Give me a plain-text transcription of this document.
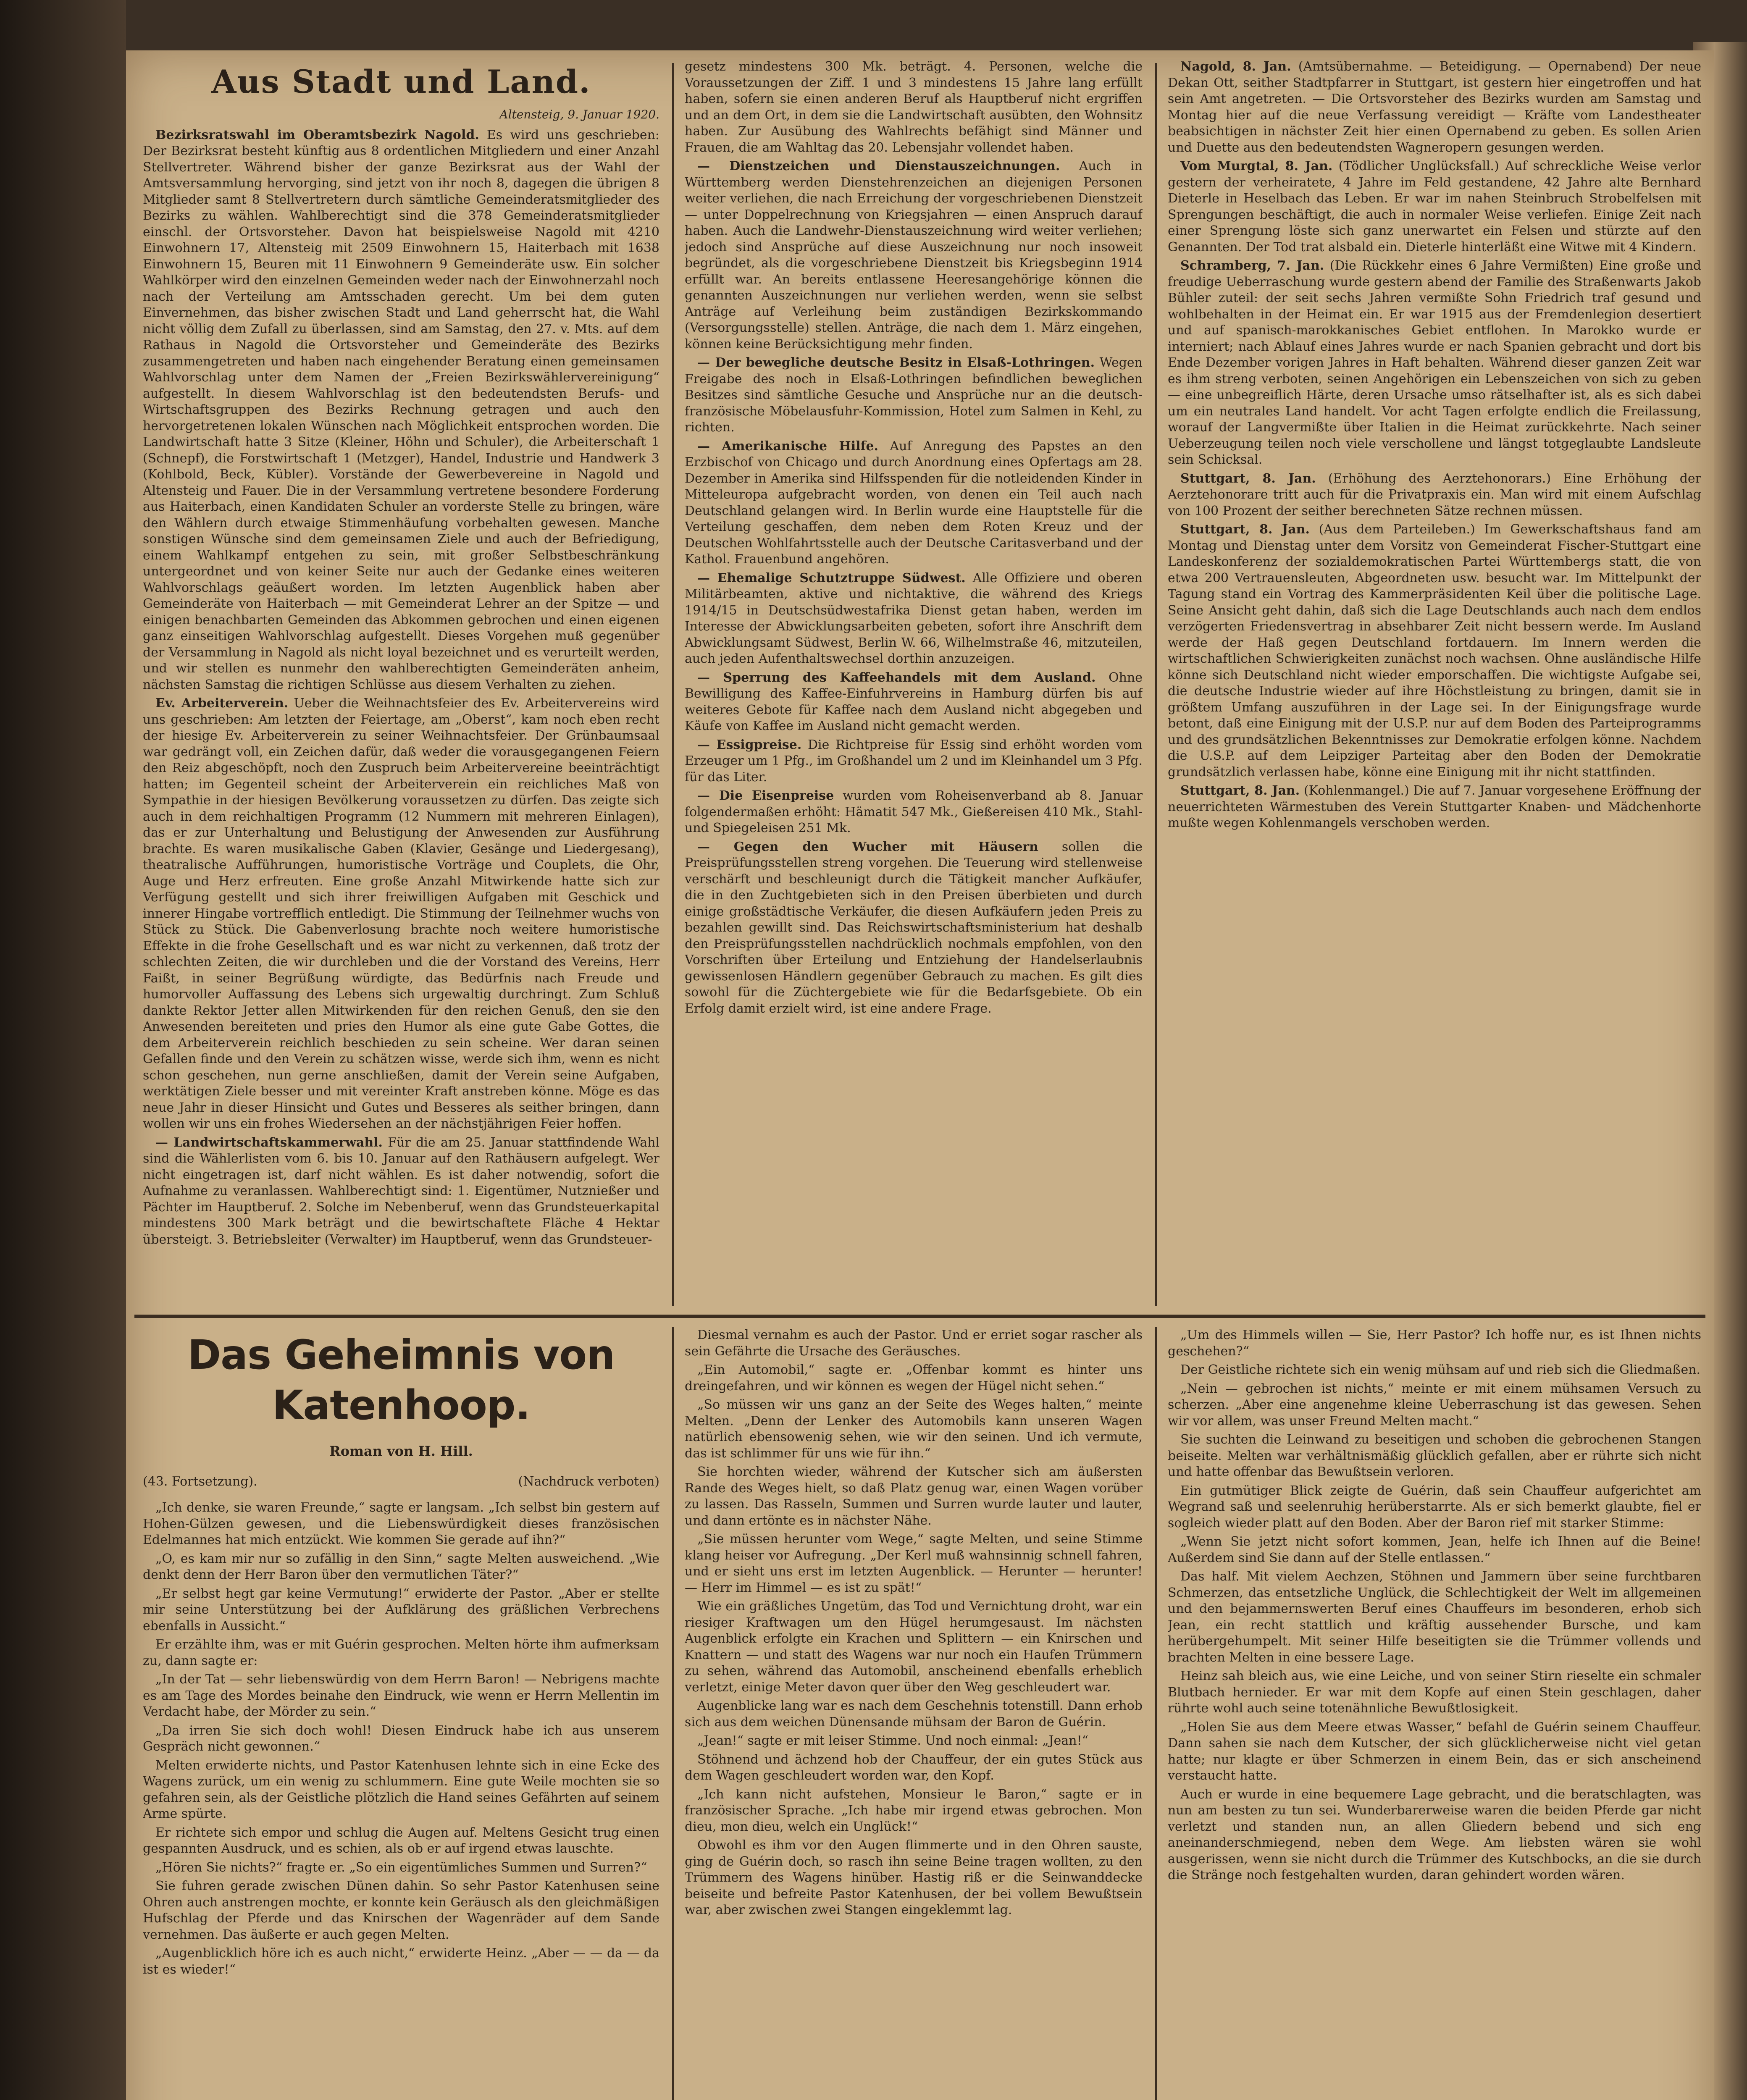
Aus Stadt und Land.
Altensteig, 9. Januar 1920.

Bezirksratswahl im Oberamtsbezirk Nagold. Es wird uns geschrieben: Der Bezirksrat besteht künftig aus 8 ordentlichen Mitgliedern und einer Anzahl Stellvertreter. Während bisher der ganze Bezirksrat aus der Wahl der Amtsversammlung hervorging, sind jetzt von ihr noch 8, dagegen die übrigen 8 Mitglieder samt 8 Stellvertretern durch sämtliche Gemeinderatsmitglieder des Bezirks zu wählen. Wahlberechtigt sind die 378 Gemeinderatsmitglieder einschl. der Ortsvorsteher. Davon hat beispielsweise Nagold mit 4210 Einwohnern 17, Altensteig mit 2509 Einwohnern 15, Haiterbach mit 1638 Einwohnern 15, Beuren mit 11 Einwohnern 9 Gemeinderäte usw. Ein solcher Wahlkörper wird den einzelnen Gemeinden weder nach der Einwohnerzahl noch nach der Verteilung am Amtsschaden gerecht. Um bei dem guten Einvernehmen, das bisher zwischen Stadt und Land geherrscht hat, die Wahl nicht völlig dem Zufall zu überlassen, sind am Samstag, den 27. v. Mts. auf dem Rathaus in Nagold die Ortsvorsteher und Gemeinderäte des Bezirks zusammengetreten und haben nach eingehender Beratung einen gemeinsamen Wahlvorschlag unter dem Namen der „Freien Bezirkswählervereinigung“ aufgestellt. In diesem Wahlvorschlag ist den bedeutendsten Berufs- und Wirtschaftsgruppen des Bezirks Rechnung getragen und auch den hervorgetretenen lokalen Wünschen nach Möglichkeit entsprochen worden. Die Landwirtschaft hatte 3 Sitze (Kleiner, Höhn und Schuler), die Arbeiterschaft 1 (Schnepf), die Forstwirtschaft 1 (Metzger), Handel, Industrie und Handwerk 3 (Kohlbold, Beck, Kübler). Vorstände der Gewerbevereine in Nagold und Altensteig und Fauer. Die in der Versammlung vertretene besondere Forderung aus Haiterbach, einen Kandidaten Schuler an vorderste Stelle zu bringen, wäre den Wählern durch etwaige Stimmenhäufung vorbehalten gewesen. Manche sonstigen Wünsche sind dem gemeinsamen Ziele und auch der Befriedigung, einem Wahlkampf entgehen zu sein, mit großer Selbstbeschränkung untergeordnet und von keiner Seite nur auch der Gedanke eines weiteren Wahlvorschlags geäußert worden. Im letzten Augenblick haben aber Gemeinderäte von Haiterbach — mit Gemeinderat Lehrer an der Spitze — und einigen benachbarten Gemeinden das Abkommen gebrochen und einen eigenen ganz einseitigen Wahlvorschlag aufgestellt. Dieses Vorgehen muß gegenüber der Versammlung in Nagold als nicht loyal bezeichnet und es verurteilt werden, und wir stellen es nunmehr den wahlberechtigten Gemeinderäten anheim, nächsten Samstag die richtigen Schlüsse aus diesem Verhalten zu ziehen.

Ev. Arbeiterverein. Ueber die Weihnachtsfeier des Ev. Arbeitervereins wird uns geschrieben: Am letzten der Feiertage, am „Oberst“, kam noch eben recht der hiesige Ev. Arbeiterverein zu seiner Weihnachtsfeier. Der Grünbaumsaal war gedrängt voll, ein Zeichen dafür, daß weder die vorausgegangenen Feiern den Reiz abgeschöpft, noch den Zuspruch beim Arbeitervereine beeinträchtigt hatten; im Gegenteil scheint der Arbeiterverein ein reichliches Maß von Sympathie in der hiesigen Bevölkerung voraussetzen zu dürfen. Das zeigte sich auch in dem reichhaltigen Programm (12 Nummern mit mehreren Einlagen), das er zur Unterhaltung und Belustigung der Anwesenden zur Ausführung brachte. Es waren musikalische Gaben (Klavier, Gesänge und Liedergesang), theatralische Aufführungen, humoristische Vorträge und Couplets, die Ohr, Auge und Herz erfreuten. Eine große Anzahl Mitwirkende hatte sich zur Verfügung gestellt und sich ihrer freiwilligen Aufgaben mit Geschick und innerer Hingabe vortrefflich entledigt. Die Stimmung der Teilnehmer wuchs von Stück zu Stück. Die Gabenverlosung brachte noch weitere humoristische Effekte in die frohe Gesellschaft und es war nicht zu verkennen, daß trotz der schlechten Zeiten, die wir durchleben und die der Vorstand des Vereins, Herr Faißt, in seiner Begrüßung würdigte, das Bedürfnis nach Freude und humorvoller Auffassung des Lebens sich urgewaltig durchringt. Zum Schluß dankte Rektor Jetter allen Mitwirkenden für den reichen Genuß, den sie den Anwesenden bereiteten und pries den Humor als eine gute Gabe Gottes, die dem Arbeiterverein reichlich beschieden zu sein scheine. Wer daran seinen Gefallen finde und den Verein zu schätzen wisse, werde sich ihm, wenn es nicht schon geschehen, nun gerne anschließen, damit der Verein seine Aufgaben, werktätigen Ziele besser und mit vereinter Kraft anstreben könne. Möge es das neue Jahr in dieser Hinsicht und Gutes und Besseres als seither bringen, dann wollen wir uns ein frohes Wiedersehen an der nächstjährigen Feier hoffen.

— Landwirtschaftskammerwahl. Für die am 25. Januar stattfindende Wahl sind die Wählerlisten vom 6. bis 10. Januar auf den Rathäusern aufgelegt. Wer nicht eingetragen ist, darf nicht wählen. Es ist daher notwendig, sofort die Aufnahme zu veranlassen. Wahlberechtigt sind: 1. Eigentümer, Nutznießer und Pächter im Hauptberuf. 2. Solche im Nebenberuf, wenn das Grundsteuerkapital mindestens 300 Mark beträgt und die bewirtschaftete Fläche 4 Hektar übersteigt. 3. Betriebsleiter (Verwalter) im Hauptberuf, wenn das Grundsteuer-

gesetz mindestens 300 Mk. beträgt. 4. Personen, welche die Voraussetzungen der Ziff. 1 und 3 mindestens 15 Jahre lang erfüllt haben, sofern sie einen anderen Beruf als Hauptberuf nicht ergriffen und an dem Ort, in dem sie die Landwirtschaft ausübten, den Wohnsitz haben. Zur Ausübung des Wahlrechts befähigt sind Männer und Frauen, die am Wahltag das 20. Lebensjahr vollendet haben.

— Dienstzeichen und Dienstauszeichnungen. Auch in Württemberg werden Dienstehrenzeichen an diejenigen Personen weiter verliehen, die nach Erreichung der vorgeschriebenen Dienstzeit — unter Doppelrechnung von Kriegsjahren — einen Anspruch darauf haben. Auch die Landwehr-Dienstauszeichnung wird weiter verliehen; jedoch sind Ansprüche auf diese Auszeichnung nur noch insoweit begründet, als die vorgeschriebene Dienstzeit bis Kriegsbeginn 1914 erfüllt war. An bereits entlassene Heeresangehörige können die genannten Auszeichnungen nur verliehen werden, wenn sie selbst Anträge auf Verleihung beim zuständigen Bezirkskommando (Versorgungsstelle) stellen. Anträge, die nach dem 1. März eingehen, können keine Berücksichtigung mehr finden.

— Der bewegliche deutsche Besitz in Elsaß-Lothringen. Wegen Freigabe des noch in Elsaß-Lothringen befindlichen beweglichen Besitzes sind sämtliche Gesuche und Ansprüche nur an die deutsch-französische Möbelausfuhr-Kommission, Hotel zum Salmen in Kehl, zu richten.

— Amerikanische Hilfe. Auf Anregung des Papstes an den Erzbischof von Chicago und durch Anordnung eines Opfertags am 28. Dezember in Amerika sind Hilfsspenden für die notleidenden Kinder in Mitteleuropa aufgebracht worden, von denen ein Teil auch nach Deutschland gelangen wird. In Berlin wurde eine Hauptstelle für die Verteilung geschaffen, dem neben dem Roten Kreuz und der Deutschen Wohlfahrtsstelle auch der Deutsche Caritasverband und der Kathol. Frauenbund angehören.

— Ehemalige Schutztruppe Südwest. Alle Offiziere und oberen Militärbeamten, aktive und nichtaktive, die während des Kriegs 1914/15 in Deutschsüdwestafrika Dienst getan haben, werden im Interesse der Abwicklungsarbeiten gebeten, sofort ihre Anschrift dem Abwicklungsamt Südwest, Berlin W. 66, Wilhelmstraße 46, mitzuteilen, auch jeden Aufenthaltswechsel dorthin anzuzeigen.

— Sperrung des Kaffeehandels mit dem Ausland. Ohne Bewilligung des Kaffee-Einfuhrvereins in Hamburg dürfen bis auf weiteres Gebote für Kaffee nach dem Ausland nicht abgegeben und Käufe von Kaffee im Ausland nicht gemacht werden.

— Essigpreise. Die Richtpreise für Essig sind erhöht worden vom Erzeuger um 1 Pfg., im Großhandel um 2 und im Kleinhandel um 3 Pfg. für das Liter.

— Die Eisenpreise wurden vom Roheisenverband ab 8. Januar folgendermaßen erhöht: Hämatit 547 Mk., Gießereisen 410 Mk., Stahl- und Spiegeleisen 251 Mk.

— Gegen den Wucher mit Häusern sollen die Preisprüfungsstellen streng vorgehen. Die Teuerung wird stellenweise verschärft und beschleunigt durch die Tätigkeit mancher Aufkäufer, die in den Zuchtgebieten sich in den Preisen überbieten und durch einige großstädtische Verkäufer, die diesen Aufkäufern jeden Preis zu bezahlen gewillt sind. Das Reichswirtschaftsministerium hat deshalb den Preisprüfungsstellen nachdrücklich nochmals empfohlen, von den Vorschriften über Erteilung und Entziehung der Handelserlaubnis gewissenlosen Händlern gegenüber Gebrauch zu machen. Es gilt dies sowohl für die Züchtergebiete wie für die Bedarfsgebiete. Ob ein Erfolg damit erzielt wird, ist eine andere Frage.

Nagold, 8. Jan. (Amtsübernahme. — Beteidigung. — Opernabend) Der neue Dekan Ott, seither Stadtpfarrer in Stuttgart, ist gestern hier eingetroffen und hat sein Amt angetreten. — Die Ortsvorsteher des Bezirks wurden am Samstag und Montag hier auf die neue Verfassung vereidigt — Kräfte vom Landestheater beabsichtigen in nächster Zeit hier einen Opernabend zu geben. Es sollen Arien und Duette aus den bedeutendsten Wagneropern gesungen werden.

Vom Murgtal, 8. Jan. (Tödlicher Unglücksfall.) Auf schreckliche Weise verlor gestern der verheiratete, 4 Jahre im Feld gestandene, 42 Jahre alte Bernhard Dieterle in Heselbach das Leben. Er war im nahen Steinbruch Strobelfelsen mit Sprengungen beschäftigt, die auch in normaler Weise verliefen. Einige Zeit nach einer Sprengung löste sich ganz unerwartet ein Felsen und stürzte auf den Genannten. Der Tod trat alsbald ein. Dieterle hinterläßt eine Witwe mit 4 Kindern.

Schramberg, 7. Jan. (Die Rückkehr eines 6 Jahre Vermißten) Eine große und freudige Ueberraschung wurde gestern abend der Familie des Straßenwarts Jakob Bühler zuteil: der seit sechs Jahren vermißte Sohn Friedrich traf gesund und wohlbehalten in der Heimat ein. Er war 1915 aus der Fremdenlegion desertiert und auf spanisch-marokkanisches Gebiet entflohen. In Marokko wurde er interniert; nach Ablauf eines Jahres wurde er nach Spanien gebracht und dort bis Ende Dezember vorigen Jahres in Haft behalten. Während dieser ganzen Zeit war es ihm streng verboten, seinen Angehörigen ein Lebenszeichen von sich zu geben — eine unbegreiflich Härte, deren Ursache umso rätselhafter ist, als es sich dabei um ein neutrales Land handelt. Vor acht Tagen erfolgte endlich die Freilassung, worauf der Langvermißte über Italien in die Heimat zurückkehrte. Nach seiner Ueberzeugung teilen noch viele verschollene und längst totgeglaubte Landsleute sein Schicksal.

Stuttgart, 8. Jan. (Erhöhung des Aerztehonorars.) Eine Erhöhung der Aerztehonorare tritt auch für die Privatpraxis ein. Man wird mit einem Aufschlag von 100 Prozent der seither berechneten Sätze rechnen müssen.

Stuttgart, 8. Jan. (Aus dem Parteileben.) Im Gewerkschaftshaus fand am Montag und Dienstag unter dem Vorsitz von Gemeinderat Fischer-Stuttgart eine Landeskonferenz der sozialdemokratischen Partei Württembergs statt, die von etwa 200 Vertrauensleuten, Abgeordneten usw. besucht war. Im Mittelpunkt der Tagung stand ein Vortrag des Kammerpräsidenten Keil über die politische Lage. Seine Ansicht geht dahin, daß sich die Lage Deutschlands auch nach dem endlos verzögerten Friedensvertrag in absehbarer Zeit nicht bessern werde. Im Ausland werde der Haß gegen Deutschland fortdauern. Im Innern werden die wirtschaftlichen Schwierigkeiten zunächst noch wachsen. Ohne ausländische Hilfe könne sich Deutschland nicht wieder emporschaffen. Die wichtigste Aufgabe sei, die deutsche Industrie wieder auf ihre Höchstleistung zu bringen, damit sie in größtem Umfang auszuführen in der Lage sei. In der Einigungsfrage wurde betont, daß eine Einigung mit der U.S.P. nur auf dem Boden des Parteiprogramms und des grundsätzlichen Bekenntnisses zur Demokratie erfolgen könne. Nachdem die U.S.P. auf dem Leipziger Parteitag aber den Boden der Demokratie grundsätzlich verlassen habe, könne eine Einigung mit ihr nicht stattfinden.

Stuttgart, 8. Jan. (Kohlenmangel.) Die auf 7. Januar vorgesehene Eröffnung der neuerrichteten Wärmestuben des Verein Stuttgarter Knaben- und Mädchenhorte mußte wegen Kohlenmangels verschoben werden.

Das Geheimnis von Katenhoop.
Roman von H. Hill.
(43. Fortsetzung).	(Nachdruck verboten)

„Ich denke, sie waren Freunde,“ sagte er langsam. „Ich selbst bin gestern auf Hohen-Gülzen gewesen, und die Liebenswürdigkeit dieses französischen Edelmannes hat mich entzückt. Wie kommen Sie gerade auf ihn?“

„O, es kam mir nur so zufällig in den Sinn,“ sagte Melten ausweichend. „Wie denkt denn der Herr Baron über den vermutlichen Täter?“

„Er selbst hegt gar keine Vermutung!“ erwiderte der Pastor. „Aber er stellte mir seine Unterstützung bei der Aufklärung des gräßlichen Verbrechens ebenfalls in Aussicht.“

Er erzählte ihm, was er mit Guérin gesprochen. Melten hörte ihm aufmerksam zu, dann sagte er:

„In der Tat — sehr liebenswürdig von dem Herrn Baron! — Nebrigens machte es am Tage des Mordes beinahe den Eindruck, wie wenn er Herrn Mellentin im Verdacht habe, der Mörder zu sein.“

„Da irren Sie sich doch wohl! Diesen Eindruck habe ich aus unserem Gespräch nicht gewonnen.“

Melten erwiderte nichts, und Pastor Katenhusen lehnte sich in eine Ecke des Wagens zurück, um ein wenig zu schlummern. Eine gute Weile mochten sie so gefahren sein, als der Geistliche plötzlich die Hand seines Gefährten auf seinem Arme spürte.

Er richtete sich empor und schlug die Augen auf. Meltens Gesicht trug einen gespannten Ausdruck, und es schien, als ob er auf irgend etwas lauschte.

„Hören Sie nichts?“ fragte er. „So ein eigentümliches Summen und Surren?“

Sie fuhren gerade zwischen Dünen dahin. So sehr Pastor Katenhusen seine Ohren auch anstrengen mochte, er konnte kein Geräusch als den gleichmäßigen Hufschlag der Pferde und das Knirschen der Wagenräder auf dem Sande vernehmen. Das äußerte er auch gegen Melten.

„Augenblicklich höre ich es auch nicht,“ erwiderte Heinz. „Aber — — da — da ist es wieder!“

Diesmal vernahm es auch der Pastor. Und er erriet sogar rascher als sein Gefährte die Ursache des Geräusches.

„Ein Automobil,“ sagte er. „Offenbar kommt es hinter uns dreingefahren, und wir können es wegen der Hügel nicht sehen.“

„So müssen wir uns ganz an der Seite des Weges halten,“ meinte Melten. „Denn der Lenker des Automobils kann unseren Wagen natürlich ebensowenig sehen, wie wir den seinen. Und ich vermute, das ist schlimmer für uns wie für ihn.“

Sie horchten wieder, während der Kutscher sich am äußersten Rande des Weges hielt, so daß Platz genug war, einen Wagen vorüber zu lassen. Das Rasseln, Summen und Surren wurde lauter und lauter, und dann ertönte es in nächster Nähe.

„Sie müssen herunter vom Wege,“ sagte Melten, und seine Stimme klang heiser vor Aufregung. „Der Kerl muß wahnsinnig schnell fahren, und er sieht uns erst im letzten Augenblick. — Herunter — herunter! — Herr im Himmel — es ist zu spät!“

Wie ein gräßliches Ungetüm, das Tod und Vernichtung droht, war ein riesiger Kraftwagen um den Hügel herumgesaust. Im nächsten Augenblick erfolgte ein Krachen und Splittern — ein Knirschen und Knattern — und statt des Wagens war nur noch ein Haufen Trümmern zu sehen, während das Automobil, anscheinend ebenfalls erheblich verletzt, einige Meter davon quer über den Weg geschleudert war.

Augenblicke lang war es nach dem Geschehnis totenstill. Dann erhob sich aus dem weichen Dünensande mühsam der Baron de Guérin.

„Jean!“ sagte er mit leiser Stimme. Und noch einmal: „Jean!“

Stöhnend und ächzend hob der Chauffeur, der ein gutes Stück aus dem Wagen geschleudert worden war, den Kopf.

„Ich kann nicht aufstehen, Monsieur le Baron,“ sagte er in französischer Sprache. „Ich habe mir irgend etwas gebrochen. Mon dieu, mon dieu, welch ein Unglück!“

Obwohl es ihm vor den Augen flimmerte und in den Ohren sauste, ging de Guérin doch, so rasch ihn seine Beine tragen wollten, zu den Trümmern des Wagens hinüber. Hastig riß er die Seinwanddecke beiseite und befreite Pastor Katenhusen, der bei vollem Bewußtsein war, aber zwischen zwei Stangen eingeklemmt lag.

„Um des Himmels willen — Sie, Herr Pastor? Ich hoffe nur, es ist Ihnen nichts geschehen?“

Der Geistliche richtete sich ein wenig mühsam auf und rieb sich die Gliedmaßen.

„Nein — gebrochen ist nichts,“ meinte er mit einem mühsamen Versuch zu scherzen. „Aber eine angenehme kleine Ueberraschung ist das gewesen. Sehen wir vor allem, was unser Freund Melten macht.“

Sie suchten die Leinwand zu beseitigen und schoben die gebrochenen Stangen beiseite. Melten war verhältnismäßig glücklich gefallen, aber er rührte sich nicht und hatte offenbar das Bewußtsein verloren.

Ein gutmütiger Blick zeigte de Guérin, daß sein Chauffeur aufgerichtet am Wegrand saß und seelenruhig herüberstarrte. Als er sich bemerkt glaubte, fiel er sogleich wieder platt auf den Boden. Aber der Baron rief mit starker Stimme:

„Wenn Sie jetzt nicht sofort kommen, Jean, helfe ich Ihnen auf die Beine! Außerdem sind Sie dann auf der Stelle entlassen.“

Das half. Mit vielem Aechzen, Stöhnen und Jammern über seine furchtbaren Schmerzen, das entsetzliche Unglück, die Schlechtigkeit der Welt im allgemeinen und den bejammernswerten Beruf eines Chauffeurs im besonderen, erhob sich Jean, ein recht stattlich und kräftig aussehender Bursche, und kam herübergehumpelt. Mit seiner Hilfe beseitigten sie die Trümmer vollends und brachten Melten in eine bessere Lage.

Heinz sah bleich aus, wie eine Leiche, und von seiner Stirn rieselte ein schmaler Blutbach hernieder. Er war mit dem Kopfe auf einen Stein geschlagen, daher rührte wohl auch seine totenähnliche Bewußtlosigkeit.

„Holen Sie aus dem Meere etwas Wasser,“ befahl de Guérin seinem Chauffeur. Dann sahen sie nach dem Kutscher, der sich glücklicherweise nicht viel getan hatte; nur klagte er über Schmerzen in einem Bein, das er sich anscheinend verstaucht hatte.

Auch er wurde in eine bequemere Lage gebracht, und die beratschlagten, was nun am besten zu tun sei. Wunderbarerweise waren die beiden Pferde gar nicht verletzt und standen nun, an allen Gliedern bebend und sich eng aneinanderschmiegend, neben dem Wege. Am liebsten wären sie wohl ausgerissen, wenn sie nicht durch die Trümmer des Kutschbocks, an die sie durch die Stränge noch festgehalten wurden, daran gehindert worden wären.
